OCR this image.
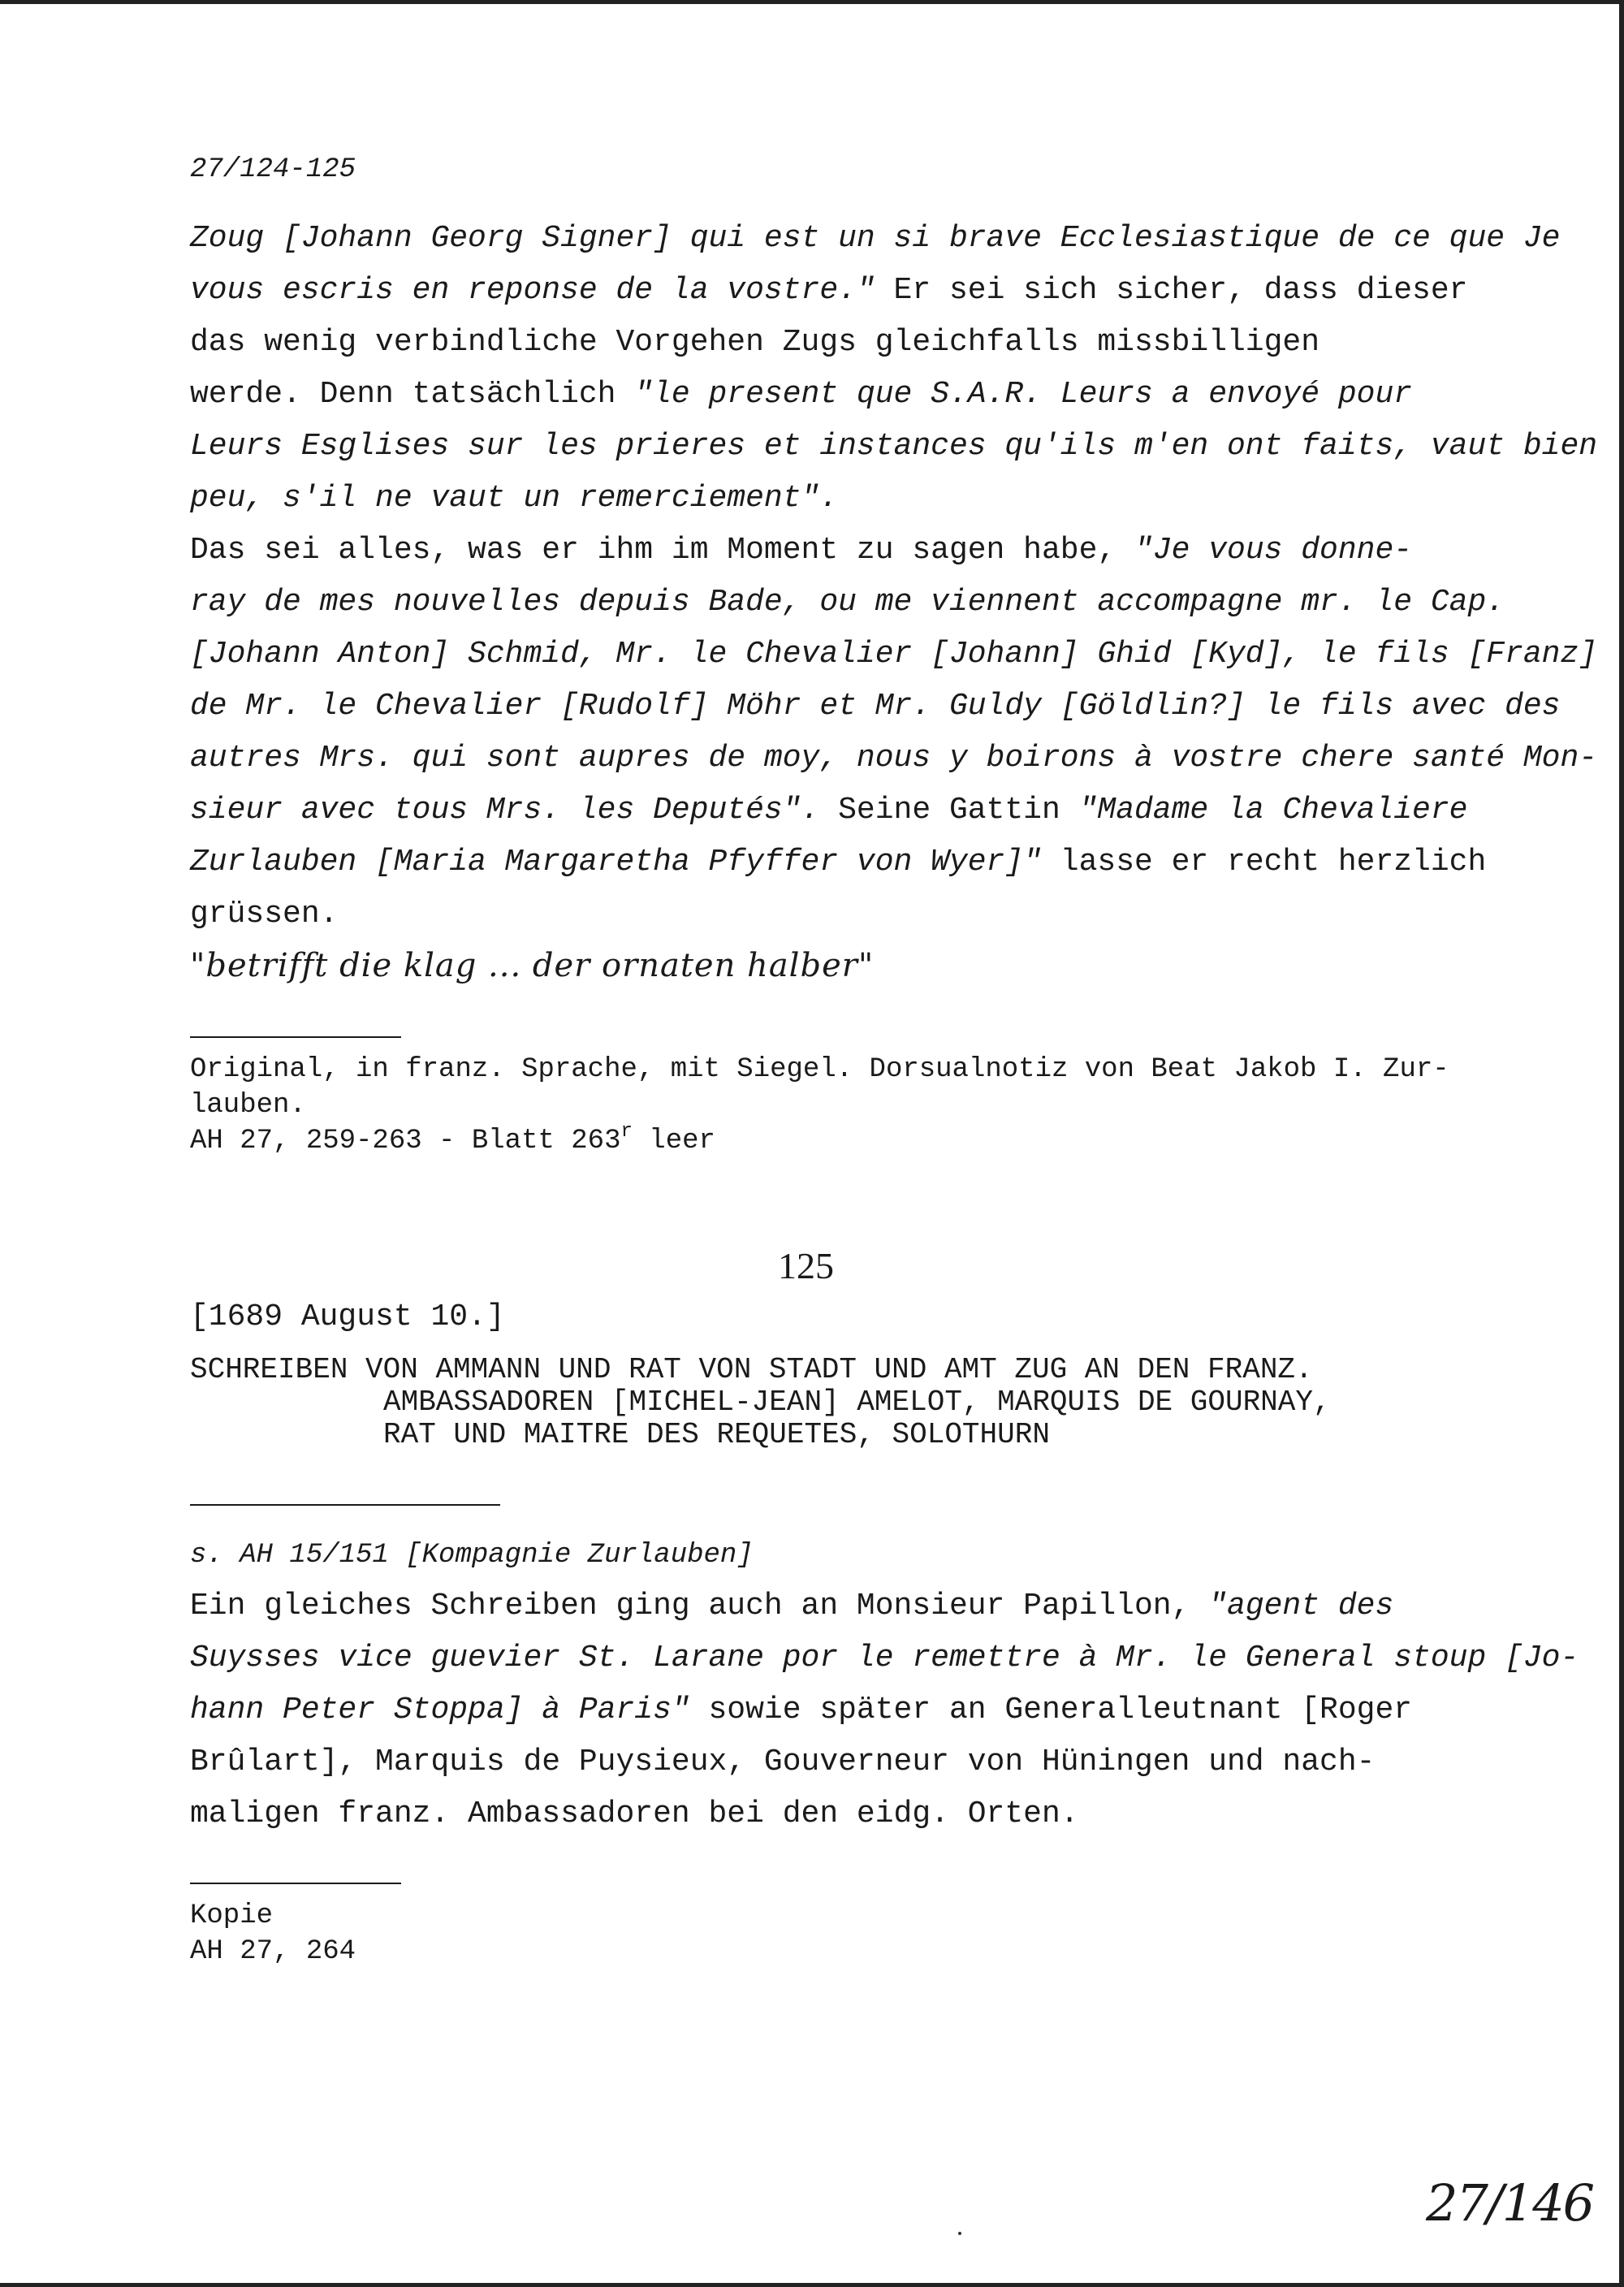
27/124-125
Zoug [Johann Georg Signer] qui est un si brave Ecclesiastique de ce que Je
vous escris en reponse de la vostre." Er sei sich sicher, dass dieser
das wenig verbindliche Vorgehen Zugs gleichfalls missbilligen
werde. Denn tatsächlich "le present que S.A.R. Leurs a envoyé pour
Leurs Esglises sur les prieres et instances qu'ils m'en ont faits, vaut bien
peu, s'il ne vaut un remerciement".
Das sei alles, was er ihm im Moment zu sagen habe, "Je vous donne-
ray de mes nouvelles depuis Bade, ou me viennent accompagne mr. le Cap.
[Johann Anton] Schmid, Mr. le Chevalier [Johann] Ghid [Kyd], le fils [Franz]
de Mr. le Chevalier [Rudolf] Möhr et Mr. Guldy [Göldlin?] le fils avec des
autres Mrs. qui sont aupres de moy, nous y boirons à vostre chere santé Mon-
sieur avec tous Mrs. les Deputés". Seine Gattin "Madame la Chevaliere
Zurlauben [Maria Margaretha Pfyffer von Wyer]" lasse er recht herzlich
grüssen.
"betrifft die klag ... der ornaten halber"
Original, in franz. Sprache, mit Siegel. Dorsualnotiz von Beat Jakob I. Zur-
lauben.
AH 27, 259-263 - Blatt 263$^r$ leer
125
[1689 August 10.]
SCHREIBEN VON AMMANN UND RAT VON STADT UND AMT ZUG AN DEN FRANZ.
AMBASSADOREN [MICHEL-JEAN] AMELOT, MARQUIS DE GOURNAY,
RAT UND MAITRE DES REQUETES, SOLOTHURN
s. AH 15/151 [Kompagnie Zurlauben]
Ein gleiches Schreiben ging auch an Monsieur Papillon, "agent des
Suysses vice guevier St. Larane por le remettre à Mr. le General stoup [Jo-
hann Peter Stoppa] à Paris" sowie später an Generalleutnant [Roger
Brûlart], Marquis de Puysieux, Gouverneur von Hüningen und nach-
maligen franz. Ambassadoren bei den eidg. Orten.
Kopie
AH 27, 264
27/146
